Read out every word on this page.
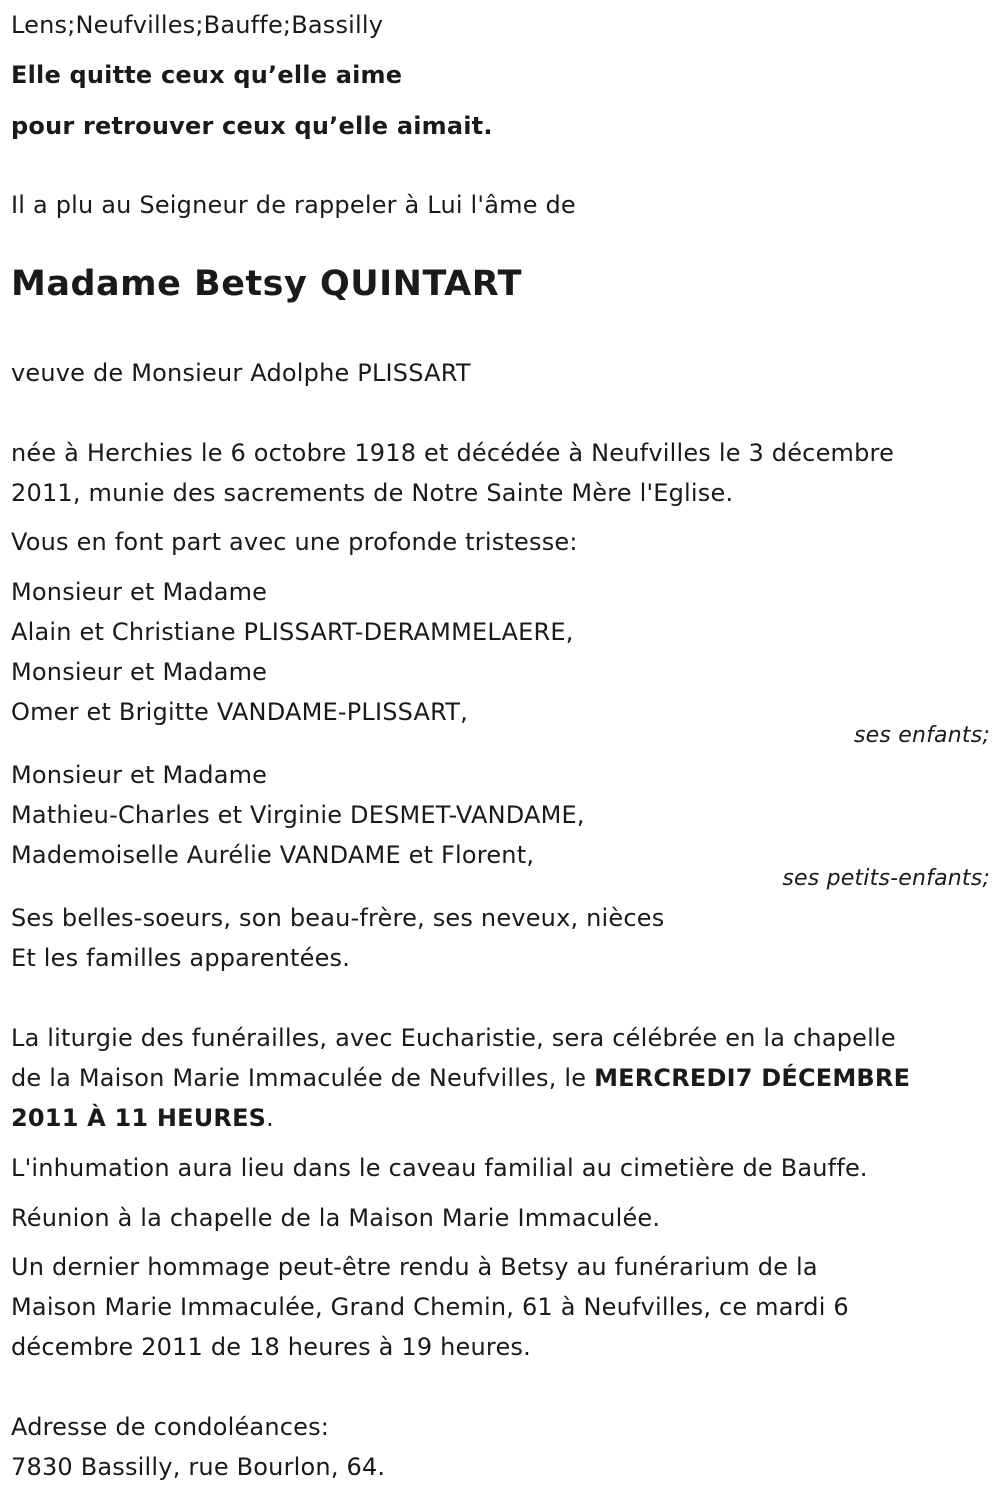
Lens;Neufvilles;Bauffe;Bassilly
Elle quitte ceux qu’elle aime
pour retrouver ceux qu’elle aimait.
Il a plu au Seigneur de rappeler à Lui l'âme de
Madame Betsy QUINTART
veuve de Monsieur Adolphe PLISSART
née à Herchies le 6 octobre 1918 et décédée à Neufvilles le 3 décembre
2011, munie des sacrements de Notre Sainte Mère l'Eglise.
Vous en font part avec une profonde tristesse:
Monsieur et Madame
Alain et Christiane PLISSART-DERAMMELAERE,
Monsieur et Madame
Omer et Brigitte VANDAME-PLISSART,
ses enfants;
Monsieur et Madame
Mathieu-Charles et Virginie DESMET-VANDAME,
Mademoiselle Aurélie VANDAME et Florent,
ses petits-enfants;
Ses belles-soeurs, son beau-frère, ses neveux, nièces
Et les familles apparentées.
La liturgie des funérailles, avec Eucharistie, sera célébrée en la chapelle
de la Maison Marie Immaculée de Neufvilles, le MERCREDI7 DÉCEMBRE
2011 À 11 HEURES.
L'inhumation aura lieu dans le caveau familial au cimetière de Bauffe.
Réunion à la chapelle de la Maison Marie Immaculée.
Un dernier hommage peut-être rendu à Betsy au funérarium de la
Maison Marie Immaculée, Grand Chemin, 61 à Neufvilles, ce mardi 6
décembre 2011 de 18 heures à 19 heures.
Adresse de condoléances:
7830 Bassilly, rue Bourlon, 64.
